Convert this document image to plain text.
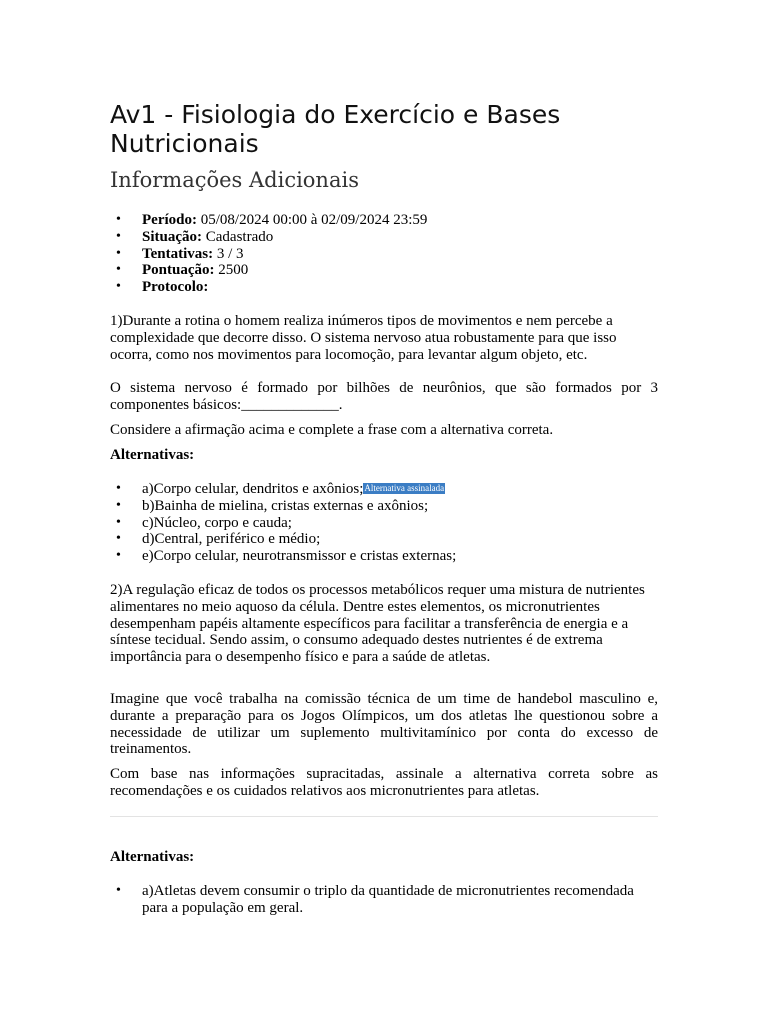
Av1 - Fisiologia do Exercício e Bases Nutricionais
Informações Adicionais
• Período: 05/08/2024 00:00 à 02/09/2024 23:59
• Situação: Cadastrado
• Tentativas: 3 / 3
• Pontuação: 2500
• Protocolo:

1)Durante a rotina o homem realiza inúmeros tipos de movimentos e nem percebe a complexidade que decorre disso. O sistema nervoso atua robustamente para que isso ocorra, como nos movimentos para locomoção, para levantar algum objeto, etc.

O sistema nervoso é formado por bilhões de neurônios, que são formados por 3 componentes básicos:_____________.

Considere a afirmação acima e complete a frase com a alternativa correta.

Alternativas:

• a)Corpo celular, dendritos e axônios;Alternativa assinalada
• b)Bainha de mielina, cristas externas e axônios;
• c)Núcleo, corpo e cauda;
• d)Central, periférico e médio;
• e)Corpo celular, neurotransmissor e cristas externas;

2)A regulação eficaz de todos os processos metabólicos requer uma mistura de nutrientes alimentares no meio aquoso da célula. Dentre estes elementos, os micronutrientes desempenham papéis altamente específicos para facilitar a transferência de energia e a síntese tecidual. Sendo assim, o consumo adequado destes nutrientes é de extrema importância para o desempenho físico e para a saúde de atletas.

Imagine que você trabalha na comissão técnica de um time de handebol masculino e, durante a preparação para os Jogos Olímpicos, um dos atletas lhe questionou sobre a necessidade de utilizar um suplemento multivitamínico por conta do excesso de treinamentos.

Com base nas informações supracitadas, assinale a alternativa correta sobre as recomendações e os cuidados relativos aos micronutrientes para atletas.

Alternativas:

• a)Atletas devem consumir o triplo da quantidade de micronutrientes recomendada para a população em geral.
